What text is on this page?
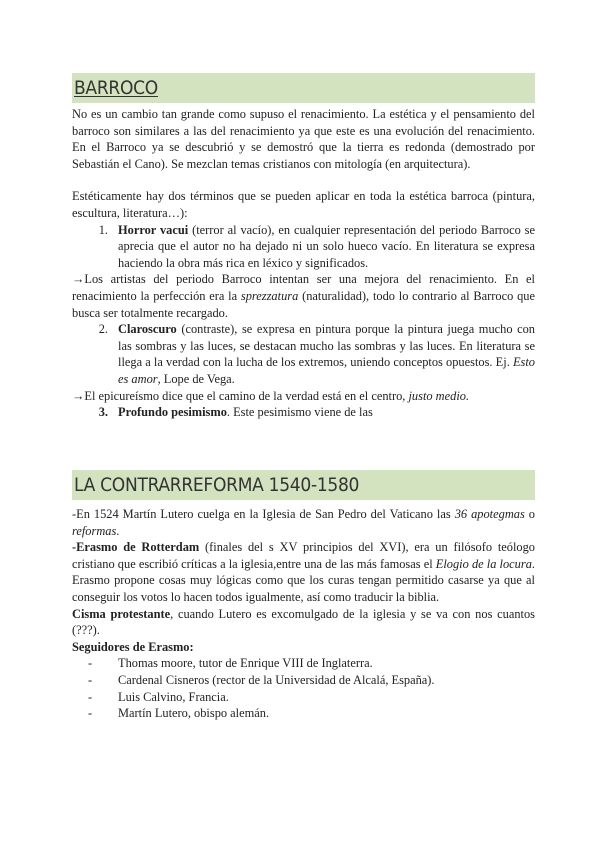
BARROCO

No es un cambio tan grande como supuso el renacimiento. La estética y el pensamiento del barroco son similares a las del renacimiento ya que este es una evolución del renacimiento. En el Barroco ya se descubrió y se demostró que la tierra es redonda (demostrado por Sebastián el Cano). Se mezclan temas cristianos con mitología (en arquitectura).

Estéticamente hay dos términos que se pueden aplicar en toda la estética barroca (pintura, escultura, literatura…):

1. Horror vacui (terror al vacío), en cualquier representación del periodo Barroco se aprecia que el autor no ha dejado ni un solo hueco vacío. En literatura se expresa haciendo la obra más rica en léxico y significados.

→Los artistas del periodo Barroco intentan ser una mejora del renacimiento. En el renacimiento la perfección era la sprezzatura (naturalidad), todo lo contrario al Barroco que busca ser totalmente recargado.

2. Claroscuro (contraste), se expresa en pintura porque la pintura juega mucho con las sombras y las luces, se destacan mucho las sombras y las luces. En literatura se llega a la verdad con la lucha de los extremos, uniendo conceptos opuestos. Ej. Esto es amor, Lope de Vega.

→El epicureísmo dice que el camino de la verdad está en el centro, justo medio.

3. Profundo pesimismo. Este pesimismo viene de las
LA CONTRARREFORMA 1540-1580

-En 1524 Martín Lutero cuelga en la Iglesia de San Pedro del Vaticano las 36 apotegmas o reformas.

-Erasmo de Rotterdam (finales del s XV principios del XVI), era un filósofo teólogo cristiano que escribió críticas a la iglesia,entre una de las más famosas el Elogio de la locura. Erasmo propone cosas muy lógicas como que los curas tengan permitido casarse ya que al conseguir los votos lo hacen todos igualmente, así como traducir la biblia.

Cisma protestante, cuando Lutero es excomulgado de la iglesia y se va con nos cuantos (???).

Seguidores de Erasmo:

-	Thomas moore, tutor de Enrique VIII de Inglaterra.
-	Cardenal Cisneros (rector de la Universidad de Alcalá, España).
-	Luis Calvino, Francia.
-	Martín Lutero, obispo alemán.
